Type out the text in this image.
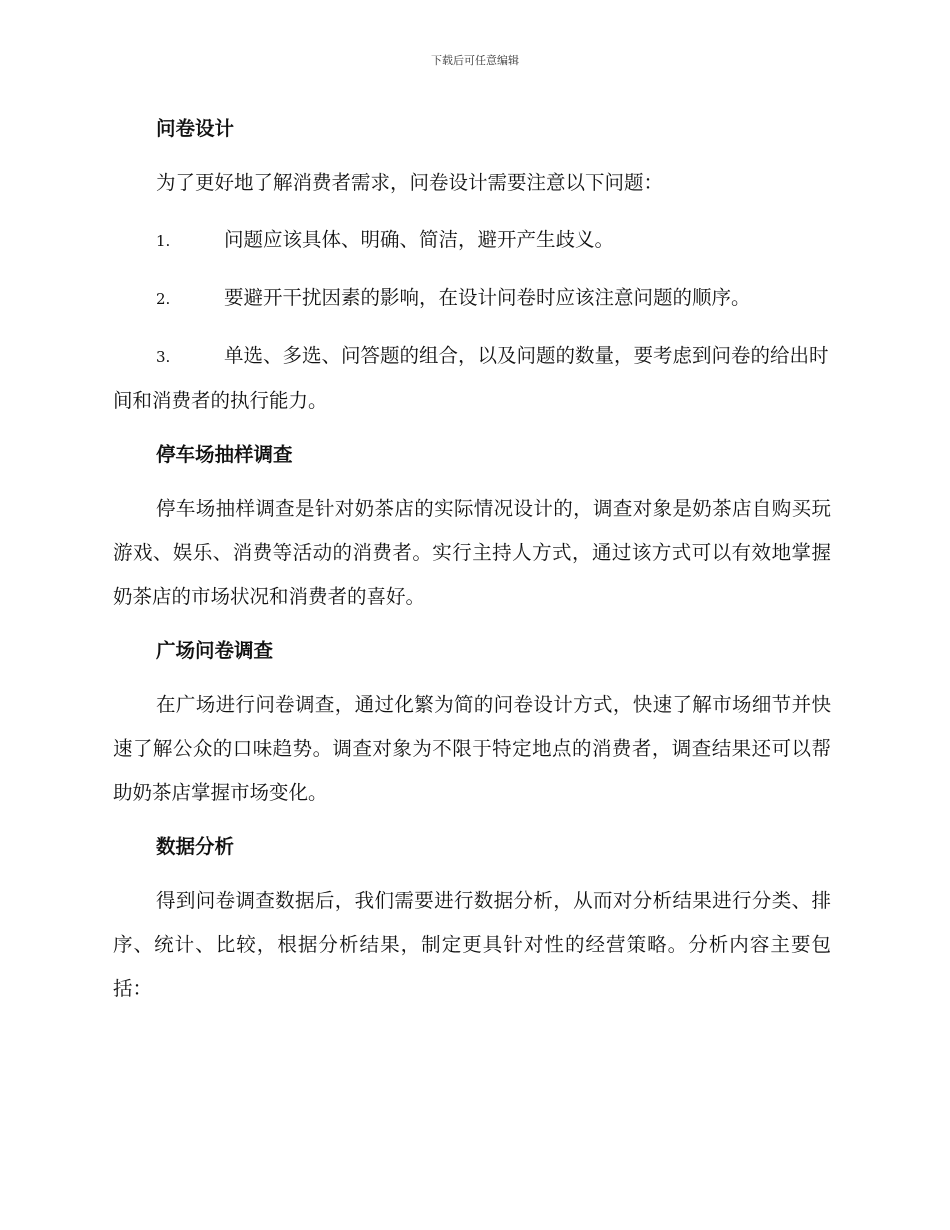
下载后可任意编辑
问卷设计

为了更好地了解消费者需求，问卷设计需要注意以下问题：

1.	问题应该具体、明确、简洁，避开产生歧义。

2.	要避开干扰因素的影响，在设计问卷时应该注意问题的顺序。

3.	单选、多选、问答题的组合，以及问题的数量，要考虑到问卷的给出时间和消费者的执行能力。

停车场抽样调查

停车场抽样调查是针对奶茶店的实际情况设计的，调查对象是奶茶店自购买玩游戏、娱乐、消费等活动的消费者。实行主持人方式，通过该方式可以有效地掌握奶茶店的市场状况和消费者的喜好。

广场问卷调查

在广场进行问卷调查，通过化繁为简的问卷设计方式，快速了解市场细节并快速了解公众的口味趋势。调查对象为不限于特定地点的消费者，调查结果还可以帮助奶茶店掌握市场变化。

数据分析

得到问卷调查数据后，我们需要进行数据分析，从而对分析结果进行分类、排序、统计、比较，根据分析结果，制定更具针对性的经营策略。分析内容主要包括：
